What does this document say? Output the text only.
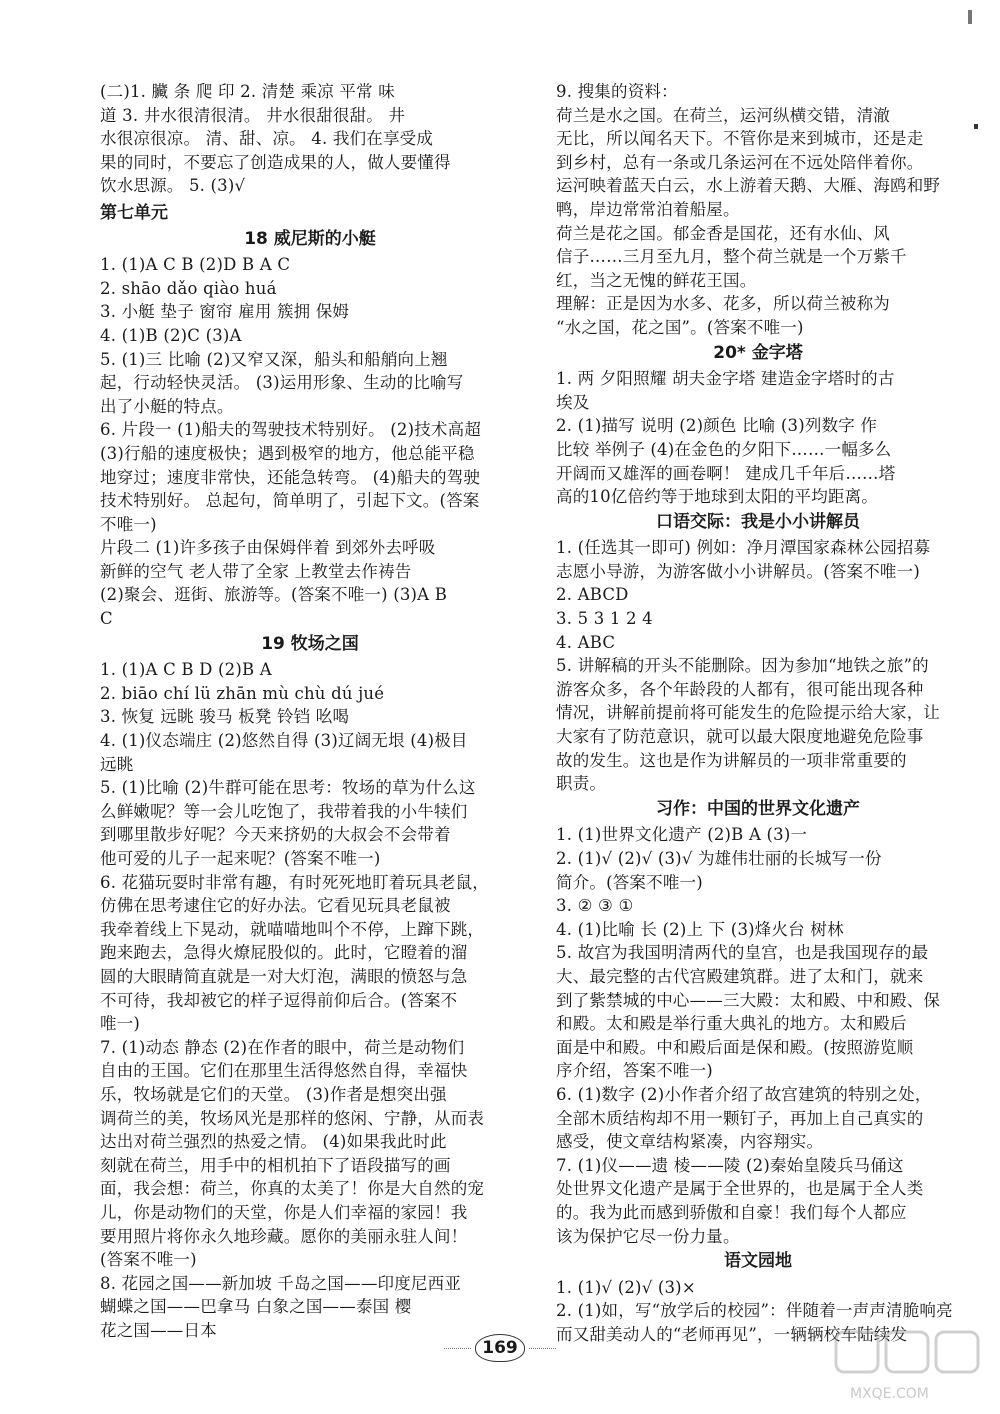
(二)1. 臟 条 爬 印 2. 清楚 乘凉 平常 味
道 3. 井水很清很清。 井水很甜很甜。 井
水很凉很凉。 清、甜、凉。 4. 我们在享受成
果的同时，不要忘了创造成果的人，做人要懂得
饮水思源。 5. (3)√
第七单元
18 威尼斯的小艇
1. (1)A C B (2)D B A C
2. shāo dǎo qiào huá
3. 小艇 垫子 窗帘 雇用 簇拥 保姆
4. (1)B (2)C (3)A
5. (1)三 比喻 (2)又窄又深，船头和船艄向上翘
起，行动轻快灵活。 (3)运用形象、生动的比喻写
出了小艇的特点。
6. 片段一 (1)船夫的驾驶技术特别好。 (2)技术高超
(3)行船的速度极快；遇到极窄的地方，他总能平稳
地穿过；速度非常快，还能急转弯。 (4)船夫的驾驶
技术特别好。 总起句，简单明了，引起下文。(答案
不唯一)
片段二 (1)许多孩子由保姆伴着 到郊外去呼吸
新鲜的空气 老人带了全家 上教堂去作祷告
(2)聚会、逛街、旅游等。(答案不唯一) (3)A B
C
19 牧场之国
1. (1)A C B D (2)B A
2. biāo chí lü zhān mù chù dú jué
3. 恢复 远眺 骏马 板凳 铃铛 吆喝
4. (1)仪态端庄 (2)悠然自得 (3)辽阔无垠 (4)极目
远眺
5. (1)比喻 (2)牛群可能在思考：牧场的草为什么这
么鲜嫩呢？等一会儿吃饱了，我带着我的小牛犊们
到哪里散步好呢？今天来挤奶的大叔会不会带着
他可爱的儿子一起来呢？(答案不唯一)
6. 花猫玩耍时非常有趣，有时死死地盯着玩具老鼠，
仿佛在思考逮住它的好办法。它看见玩具老鼠被
我牵着线上下晃动，就喵喵地叫个不停，上蹿下跳，
跑来跑去，急得火燎屁股似的。此时，它瞪着的溜
圆的大眼睛简直就是一对大灯泡，满眼的愤怒与急
不可待，我却被它的样子逗得前仰后合。(答案不
唯一)
7. (1)动态 静态 (2)在作者的眼中，荷兰是动物们
自由的王国。它们在那里生活得悠然自得，幸福快
乐，牧场就是它们的天堂。 (3)作者是想突出强
调荷兰的美，牧场风光是那样的悠闲、宁静，从而表
达出对荷兰强烈的热爱之情。 (4)如果我此时此
刻就在荷兰，用手中的相机拍下了语段描写的画
面，我会想：荷兰，你真的太美了！你是大自然的宠
儿，你是动物们的天堂，你是人们幸福的家园！我
要用照片将你永久地珍藏。愿你的美丽永驻人间！
(答案不唯一)
8. 花园之国——新加坡 千岛之国——印度尼西亚
蝴蝶之国——巴拿马 白象之国——泰国 樱
花之国——日本
9. 搜集的资料：
荷兰是水之国。在荷兰，运河纵横交错，清澈
无比，所以闻名天下。不管你是来到城市，还是走
到乡村，总有一条或几条运河在不远处陪伴着你。
运河映着蓝天白云，水上游着天鹅、大雁、海鸥和野
鸭，岸边常常泊着船屋。
荷兰是花之国。郁金香是国花，还有水仙、风
信子……三月至九月，整个荷兰就是一个万紫千
红，当之无愧的鲜花王国。
理解：正是因为水多、花多，所以荷兰被称为
“水之国，花之国”。(答案不唯一)
20* 金字塔
1. 两 夕阳照耀 胡夫金字塔 建造金字塔时的古
埃及
2. (1)描写 说明 (2)颜色 比喻 (3)列数字 作
比较 举例子 (4)在金色的夕阳下……一幅多么
开阔而又雄浑的画卷啊！ 建成几千年后……塔
高的10亿倍约等于地球到太阳的平均距离。
口语交际：我是小小讲解员
1. (任选其一即可) 例如：净月潭国家森林公园招募
志愿小导游，为游客做小小讲解员。(答案不唯一)
2. ABCD
3. 5 3 1 2 4
4. ABC
5. 讲解稿的开头不能删除。因为参加“地铁之旅”的
游客众多，各个年龄段的人都有，很可能出现各种
情况，讲解前提前将可能发生的危险提示给大家，让
大家有了防范意识，就可以最大限度地避免危险事
故的发生。这也是作为讲解员的一项非常重要的
职责。
习作：中国的世界文化遗产
1. (1)世界文化遗产 (2)B A (3)一
2. (1)√ (2)√ (3)√ 为雄伟壮丽的长城写一份
简介。(答案不唯一)
3. ② ③ ①
4. (1)比喻 长 (2)上 下 (3)烽火台 树林
5. 故宫为我国明清两代的皇宫，也是我国现存的最
大、最完整的古代宫殿建筑群。进了太和门，就来
到了紫禁城的中心——三大殿：太和殿、中和殿、保
和殿。太和殿是举行重大典礼的地方。太和殿后
面是中和殿。中和殿后面是保和殿。(按照游览顺
序介绍，答案不唯一)
6. (1)数字 (2)小作者介绍了故宫建筑的特别之处，
全部木质结构却不用一颗钉子，再加上自己真实的
感受，使文章结构紧凑，内容翔实。
7. (1)仪——遗 棱——陵 (2)秦始皇陵兵马俑这
处世界文化遗产是属于全世界的，也是属于全人类
的。我为此而感到骄傲和自豪！我们每个人都应
该为保护它尽一份力量。
语文园地
1. (1)√ (2)√ (3)×
2. (1)如，写“放学后的校园”：伴随着一声声清脆响亮
而又甜美动人的“老师再见”，一辆辆校车陆续发
169
MXQE.COM
